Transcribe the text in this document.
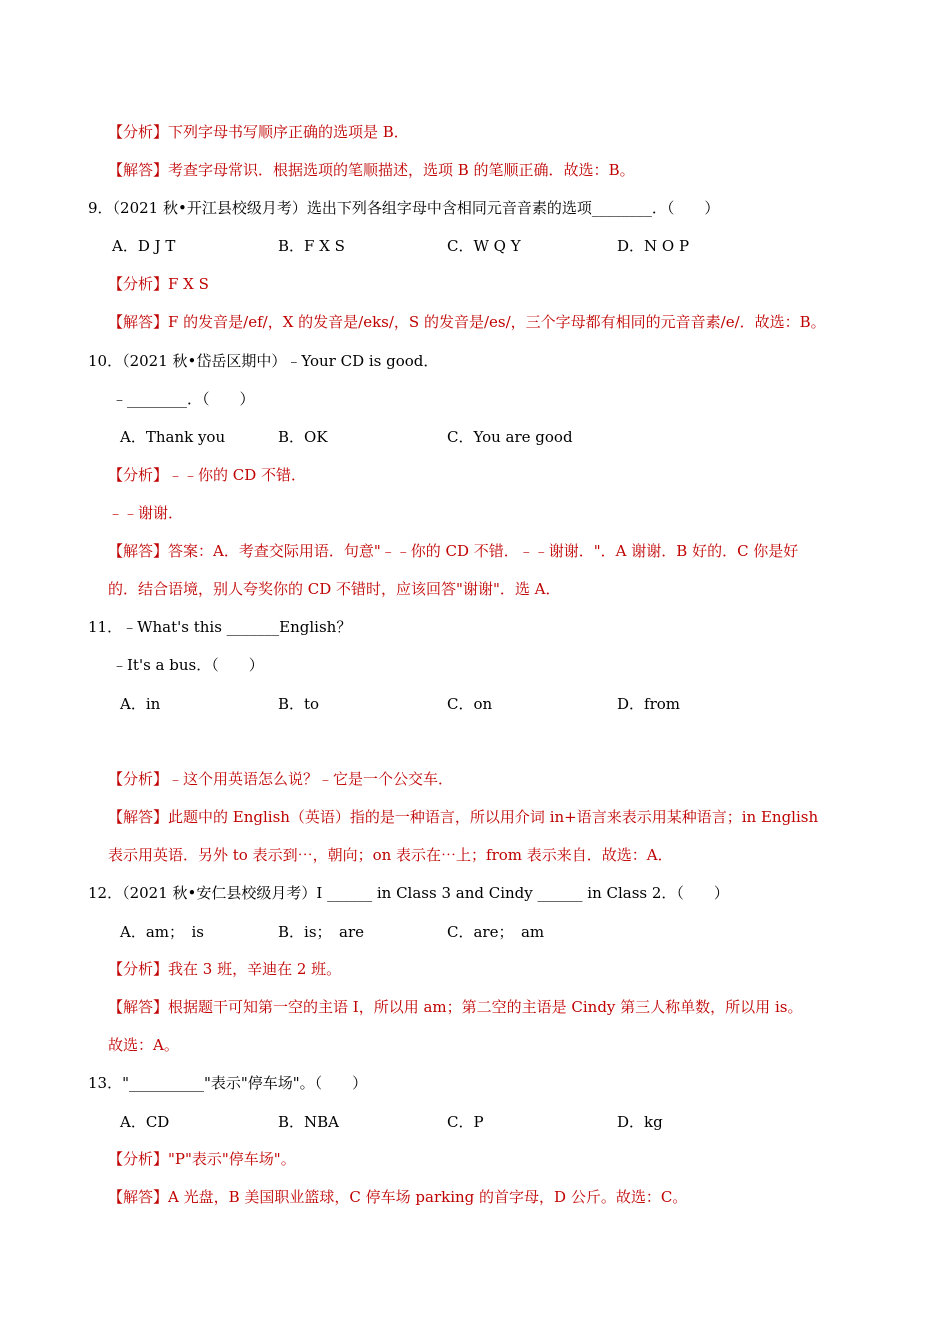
【分析】下列字母书写顺序正确的选项是 B．
【解答】考查字母常识．根据选项的笔顺描述，选项 B 的笔顺正确．故选：B。
9．（2021 秋•开江县校级月考）选出下列各组字母中含相同元音音素的选项________．（　　）
A．D J T	B．F X S	C．W Q Y	D．N O P
【分析】F X S
【解答】F 的发音是/ef/，X 的发音是/eks/，S 的发音是/es/，三个字母都有相同的元音音素/e/．故选：B。
10．（2021 秋•岱岳区期中）﹣Your CD is good．
﹣________．（　　）
A．Thank you	B．OK	C．You are good
【分析】﹣﹣你的 CD 不错．
﹣﹣谢谢．
【解答】答案：A．考查交际用语．句意"﹣﹣你的 CD 不错．﹣﹣谢谢．"．A 谢谢．B 好的．C 你是好
的．结合语境，别人夸奖你的 CD 不错时，应该回答"谢谢"．选 A．
11．﹣What's this _______English？
﹣It's a bus．（　　）
A．in	B．to	C．on	D．from
【分析】﹣这个用英语怎么说？﹣它是一个公交车．
【解答】此题中的 English（英语）指的是一种语言，所以用介词 in+语言来表示用某种语言；in English
表示用英语．另外 to 表示到⋯，朝向；on 表示在⋯上；from 表示来自．故选：A．
12．（2021 秋•安仁县校级月考）I ______ in Class 3 and Cindy ______ in Class 2．（　　）
A．am；　is	B．is；　are	C．are；　am
【分析】我在 3 班，辛迪在 2 班。
【解答】根据题干可知第一空的主语 I，所以用 am；第二空的主语是 Cindy 第三人称单数，所以用 is。
故选：A。
13．"__________"表示"停车场"。（　　）
A．CD	B．NBA	C．P	D．kg
【分析】"P"表示"停车场"。
【解答】A 光盘，B 美国职业篮球，C 停车场 parking 的首字母，D 公斤。故选：C。
